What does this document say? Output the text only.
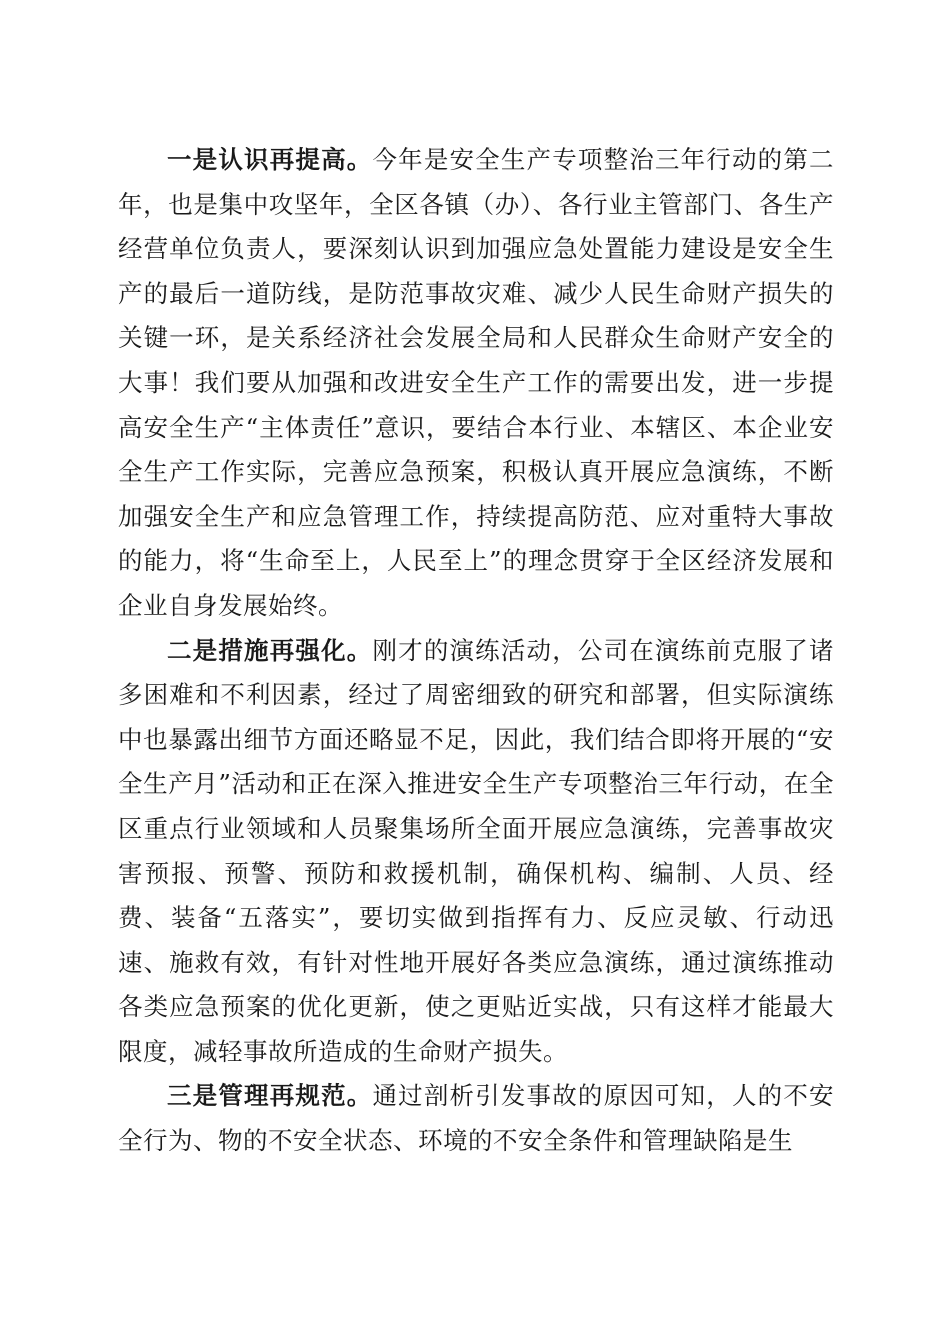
一是认识再提高。今年是安全生产专项整治三年行动的第二年，也是集中攻坚年，全区各镇（办）、各行业主管部门、各生产经营单位负责人，要深刻认识到加强应急处置能力建设是安全生产的最后一道防线，是防范事故灾难、减少人民生命财产损失的关键一环，是关系经济社会发展全局和人民群众生命财产安全的大事！我们要从加强和改进安全生产工作的需要出发，进一步提高安全生产“主体责任”意识，要结合本行业、本辖区、本企业安全生产工作实际，完善应急预案，积极认真开展应急演练，不断加强安全生产和应急管理工作，持续提高防范、应对重特大事故的能力，将“生命至上，人民至上”的理念贯穿于全区经济发展和企业自身发展始终。

二是措施再强化。刚才的演练活动，公司在演练前克服了诸多困难和不利因素，经过了周密细致的研究和部署，但实际演练中也暴露出细节方面还略显不足，因此，我们结合即将开展的“安全生产月”活动和正在深入推进安全生产专项整治三年行动，在全区重点行业领域和人员聚集场所全面开展应急演练，完善事故灾害预报、预警、预防和救援机制，确保机构、编制、人员、经费、装备“五落实”，要切实做到指挥有力、反应灵敏、行动迅速、施救有效，有针对性地开展好各类应急演练，通过演练推动各类应急预案的优化更新，使之更贴近实战，只有这样才能最大限度，减轻事故所造成的生命财产损失。

三是管理再规范。通过剖析引发事故的原因可知，人的不安全行为、物的不安全状态、环境的不安全条件和管理缺陷是生
